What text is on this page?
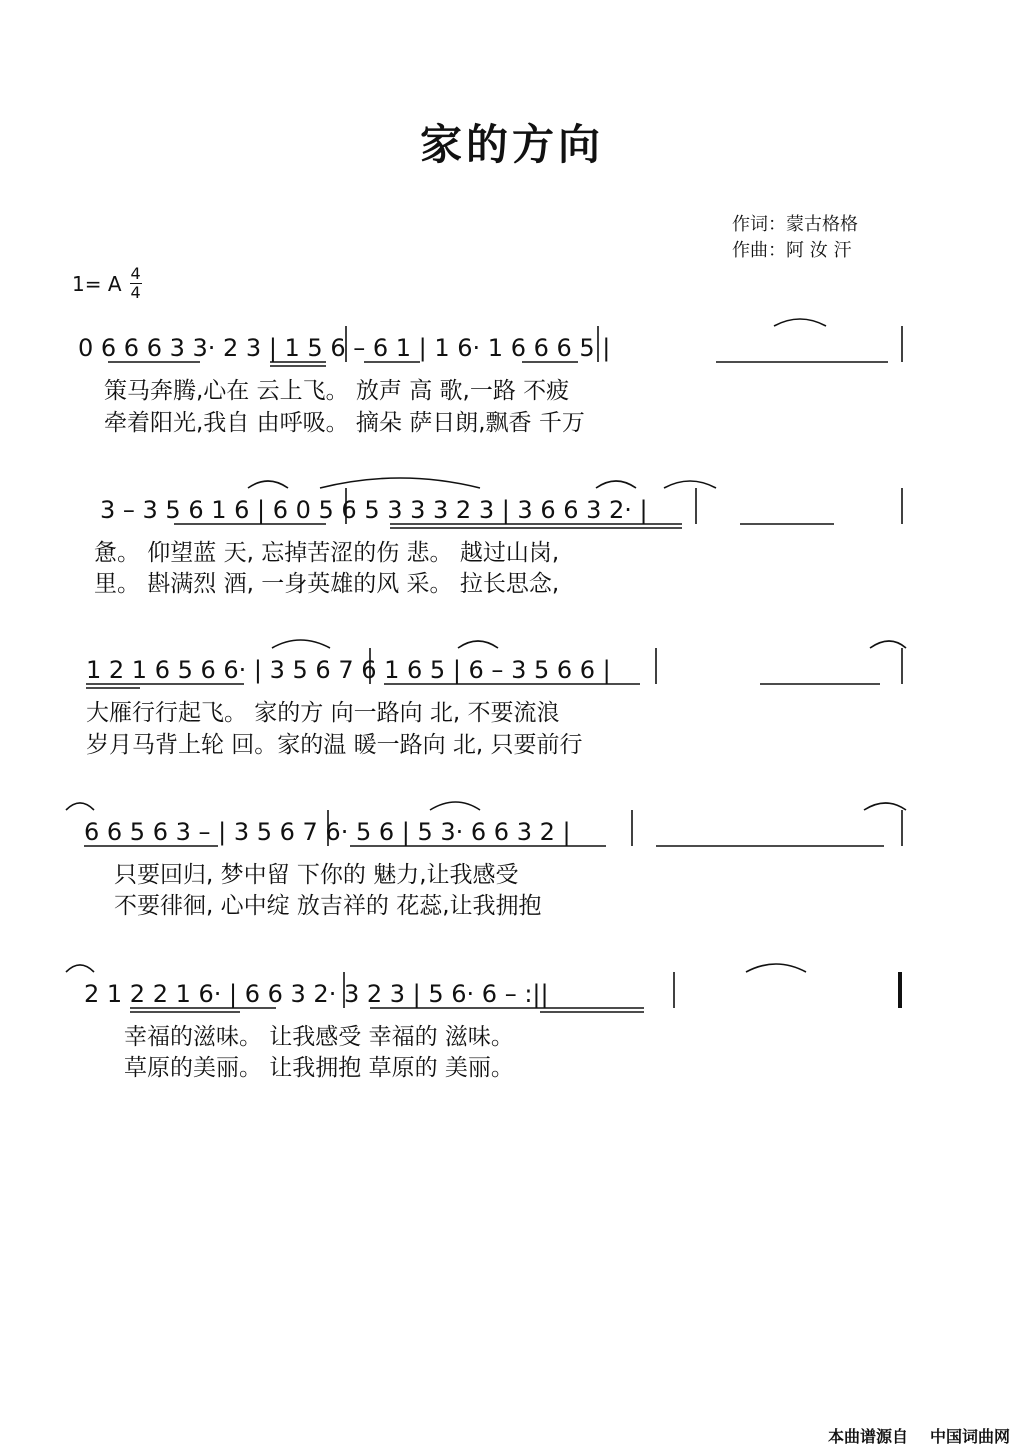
家的方向
作词：蒙古格格
作曲：阿 汝 汗
1= A $\frac{4}{4}$
0 6 6 6 3 3· 2 3 | 1 5 6 – 6 1 | 1 6· 1 6 6 6 5 |
策马奔腾,心在 云上飞。 放声 高 歌,一路 不疲
牵着阳光,我自 由呼吸。 摘朵 萨日朗,飘香 千万
3 – 3 5 6 1 6 | 6 0 5 6 5 3 3 3 2 3 | 3 6 6 3 2· |
惫。 仰望蓝 天, 忘掉苦涩的伤 悲。 越过山岗,
里。 斟满烈 酒, 一身英雄的风 采。 拉长思念,
1 2 1 6 5 6 6· | 3 5 6 7 6 1 6 5 | 6 – 3 5 6 6 |
大雁行行起飞。 家的方 向一路向 北, 不要流浪
岁月马背上轮 回。家的温 暖一路向 北, 只要前行
6 6 5 6 3 – | 3 5 6 7 6· 5 6 | 5 3· 6 6 3 2 |
只要回归, 梦中留 下你的 魅力,让我感受
不要徘徊, 心中绽 放吉祥的 花蕊,让我拥抱
2 1 2 2 1 6· | 6 6 3 2· 3 2 3 | 5 6· 6 – :||
幸福的滋味。 让我感受 幸福的 滋味。
草原的美丽。 让我拥抱 草原的 美丽。
本曲谱源自 中国词曲网
